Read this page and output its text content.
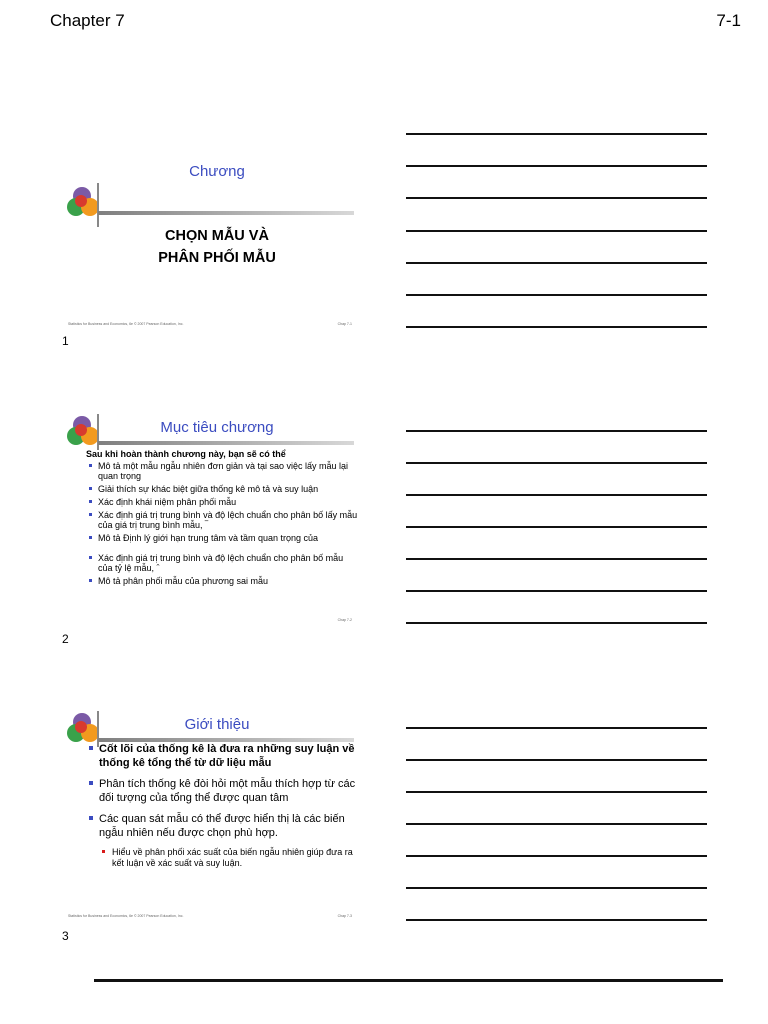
Chapter 7	7-1
Chương
CHỌN MẪU VÀ
PHÂN PHỐI MẪU
Statistics for Business and Economics, 6e © 2007 Pearson Education, Inc.	Chap 7-1
1
Mục tiêu chương
Sau khi hoàn thành chương này, bạn sẽ có thể
Mô tả một mẫu ngẫu nhiên đơn giản và tại sao việc lấy mẫu lại quan trọng
Giải thích sự khác biệt giữa thống kê mô tả và suy luận
Xác định khái niệm phân phối mẫu
Xác định giá trị trung bình và độ lệch chuẩn cho phân bố lấy mẫu của giá trị trung bình mẫu, ‾
Mô tả Định lý giới hạn trung tâm và tầm quan trọng của
Xác định giá trị trung bình và độ lệch chuẩn cho phân bố mẫu của tỷ lệ mẫu, ˆ
Mô tả phân phối mẫu của phương sai mẫu
Chap 7-2
2
Giới thiệu
Cốt lõi của thống kê là đưa ra những suy luận về thống kê tổng thể từ dữ liệu mẫu
Phân tích thống kê đòi hỏi một mẫu thích hợp từ các đối tượng của tổng thể được quan tâm
Các quan sát mẫu có thể được hiển thị là các biến ngẫu nhiên nếu được chọn phù hợp.
Hiểu về phân phối xác suất của biến ngẫu nhiên giúp đưa ra kết luận về xác suất và suy luận.
Statistics for Business and Economics, 6e © 2007 Pearson Education, Inc.	Chap 7-3
3
